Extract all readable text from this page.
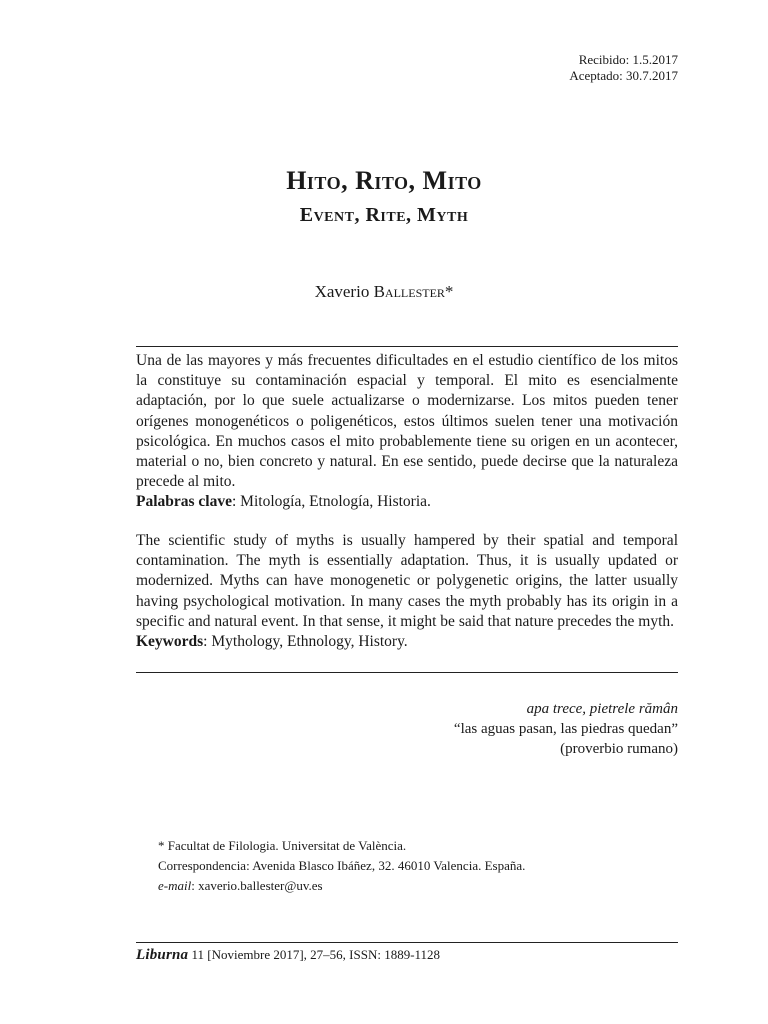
Recibido: 1.5.2017
Aceptado: 30.7.2017
Hito, Rito, Mito
Event, Rite, Myth
Xaverio Ballester*
Una de las mayores y más frecuentes dificultades en el estudio científico de los mitos la constituye su contaminación espacial y temporal. El mito es esencialmente adaptación, por lo que suele actualizarse o modernizarse. Los mitos pueden tener orígenes monogenéticos o poligenéticos, estos últimos suelen tener una motivación psicológica. En muchos casos el mito probablemente tiene su origen en un acontecer, material o no, bien concreto y natural. En ese sentido, puede decirse que la naturaleza precede al mito.
Palabras clave: Mitología, Etnología, Historia.
The scientific study of myths is usually hampered by their spatial and temporal contamination. The myth is essentially adaptation. Thus, it is usually updated or modernized. Myths can have monogenetic or polygenetic origins, the latter usually having psychological motivation. In many cases the myth probably has its origin in a specific and natural event. In that sense, it might be said that nature precedes the myth.
Keywords: Mythology, Ethnology, History.
apa trece, pietrele rămân
“las aguas pasan, las piedras quedan”
(proverbio rumano)
* Facultat de Filologia. Universitat de València.
Correspondencia: Avenida Blasco Ibáñez, 32. 46010 Valencia. España.
e-mail: xaverio.ballester@uv.es
Liburna 11 [Noviembre 2017], 27–56, ISSN: 1889-1128
